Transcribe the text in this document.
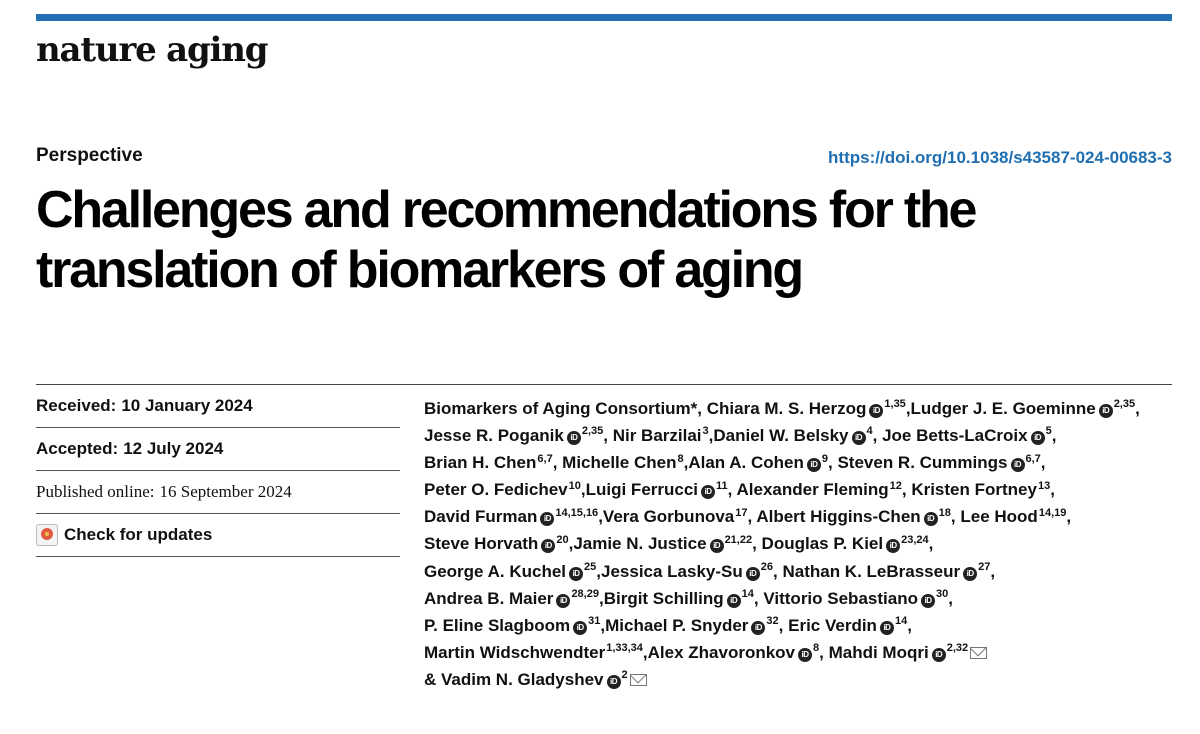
nature aging
Perspective	https://doi.org/10.1038/s43587-024-00683-3
Challenges and recommendations for the translation of biomarkers of aging
Received: 10 January 2024
Accepted: 12 July 2024
Published online: 16 September 2024
Check for updates
Biomarkers of Aging Consortium*, Chiara M. S. Herzog iD$^{1,35}$,Ludger J. E. Goeminne iD$^{2,35}$, Jesse R. Poganik iD$^{2,35}$, Nir Barzilai$^3$,Daniel W. Belsky $iD^4$, Joe Betts-LaCroix $iD^5$, Brian H. Chen$^{6,7}$, Michelle Chen$^8$,Alan A. Cohen $iD^9$, Steven R. Cummings iD$^{6,7}$, Peter O. Fedichev$^{10}$,Luigi Ferrucci $iD^{11}$, Alexander Fleming$^{12}$, Kristen Fortney$^{13}$, David Furman iD$^{14,15,16}$,Vera Gorbunova$^{17}$, Albert Higgins-Chen $iD^{18}$, Lee Hood$^{14,19}$, Steve Horvath $iD^{20},Jamie$ N. Justice iD$^{21,22}$, Douglas P. Kiel iD$^{23,24}$, George A. Kuchel $iD^{25},Jessica$ Lasky-Su $iD^{26}$, Nathan K. LeBrasseur $iD^{27}$, Andrea B. Maier iD$^{28,29}$,Birgit Schilling $iD^{14}$, Vittorio Sebastiano $iD^{30}$, P. Eline Slagboom $iD^{31},Michael$ P. Snyder $iD^{32}$, Eric Verdin $iD^{14}$, Martin Widschwendter$^{1,33,34}$,Alex Zhavoronkov $iD^8$, Mahdi Moqri iD$^{2,32}$ & Vadim N. Gladyshev $iD^2$
